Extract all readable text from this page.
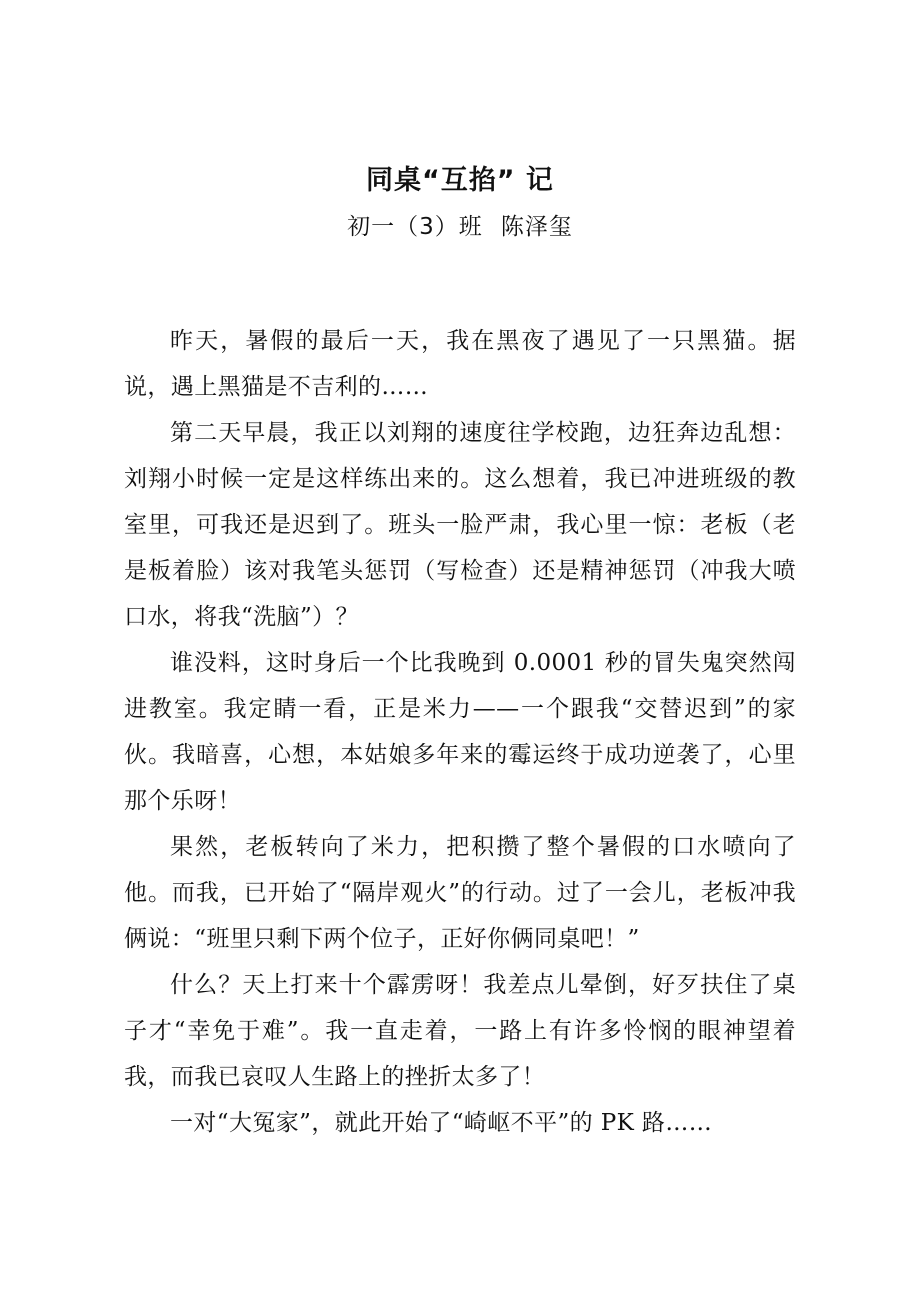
同桌“互掐” 记
初一（3）班 陈泽玺

昨天，暑假的最后一天，我在黑夜了遇见了一只黑猫。据说，遇上黑猫是不吉利的……

第二天早晨，我正以刘翔的速度往学校跑，边狂奔边乱想：刘翔小时候一定是这样练出来的。这么想着，我已冲进班级的教室里，可我还是迟到了。班头一脸严肃，我心里一惊：老板（老是板着脸）该对我笔头惩罚（写检查）还是精神惩罚（冲我大喷口水，将我“洗脑”）？

谁没料，这时身后一个比我晚到 0.0001 秒的冒失鬼突然闯进教室。我定睛一看，正是米力——一个跟我“交替迟到”的家伙。我暗喜，心想，本姑娘多年来的霉运终于成功逆袭了，心里那个乐呀！

果然，老板转向了米力，把积攒了整个暑假的口水喷向了他。而我，已开始了“隔岸观火”的行动。过了一会儿，老板冲我俩说：“班里只剩下两个位子，正好你俩同桌吧！”

什么？天上打来十个霹雳呀！我差点儿晕倒，好歹扶住了桌子才“幸免于难”。我一直走着，一路上有许多怜悯的眼神望着我，而我已哀叹人生路上的挫折太多了！

一对“大冤家”，就此开始了“崎岖不平”的 PK 路……
